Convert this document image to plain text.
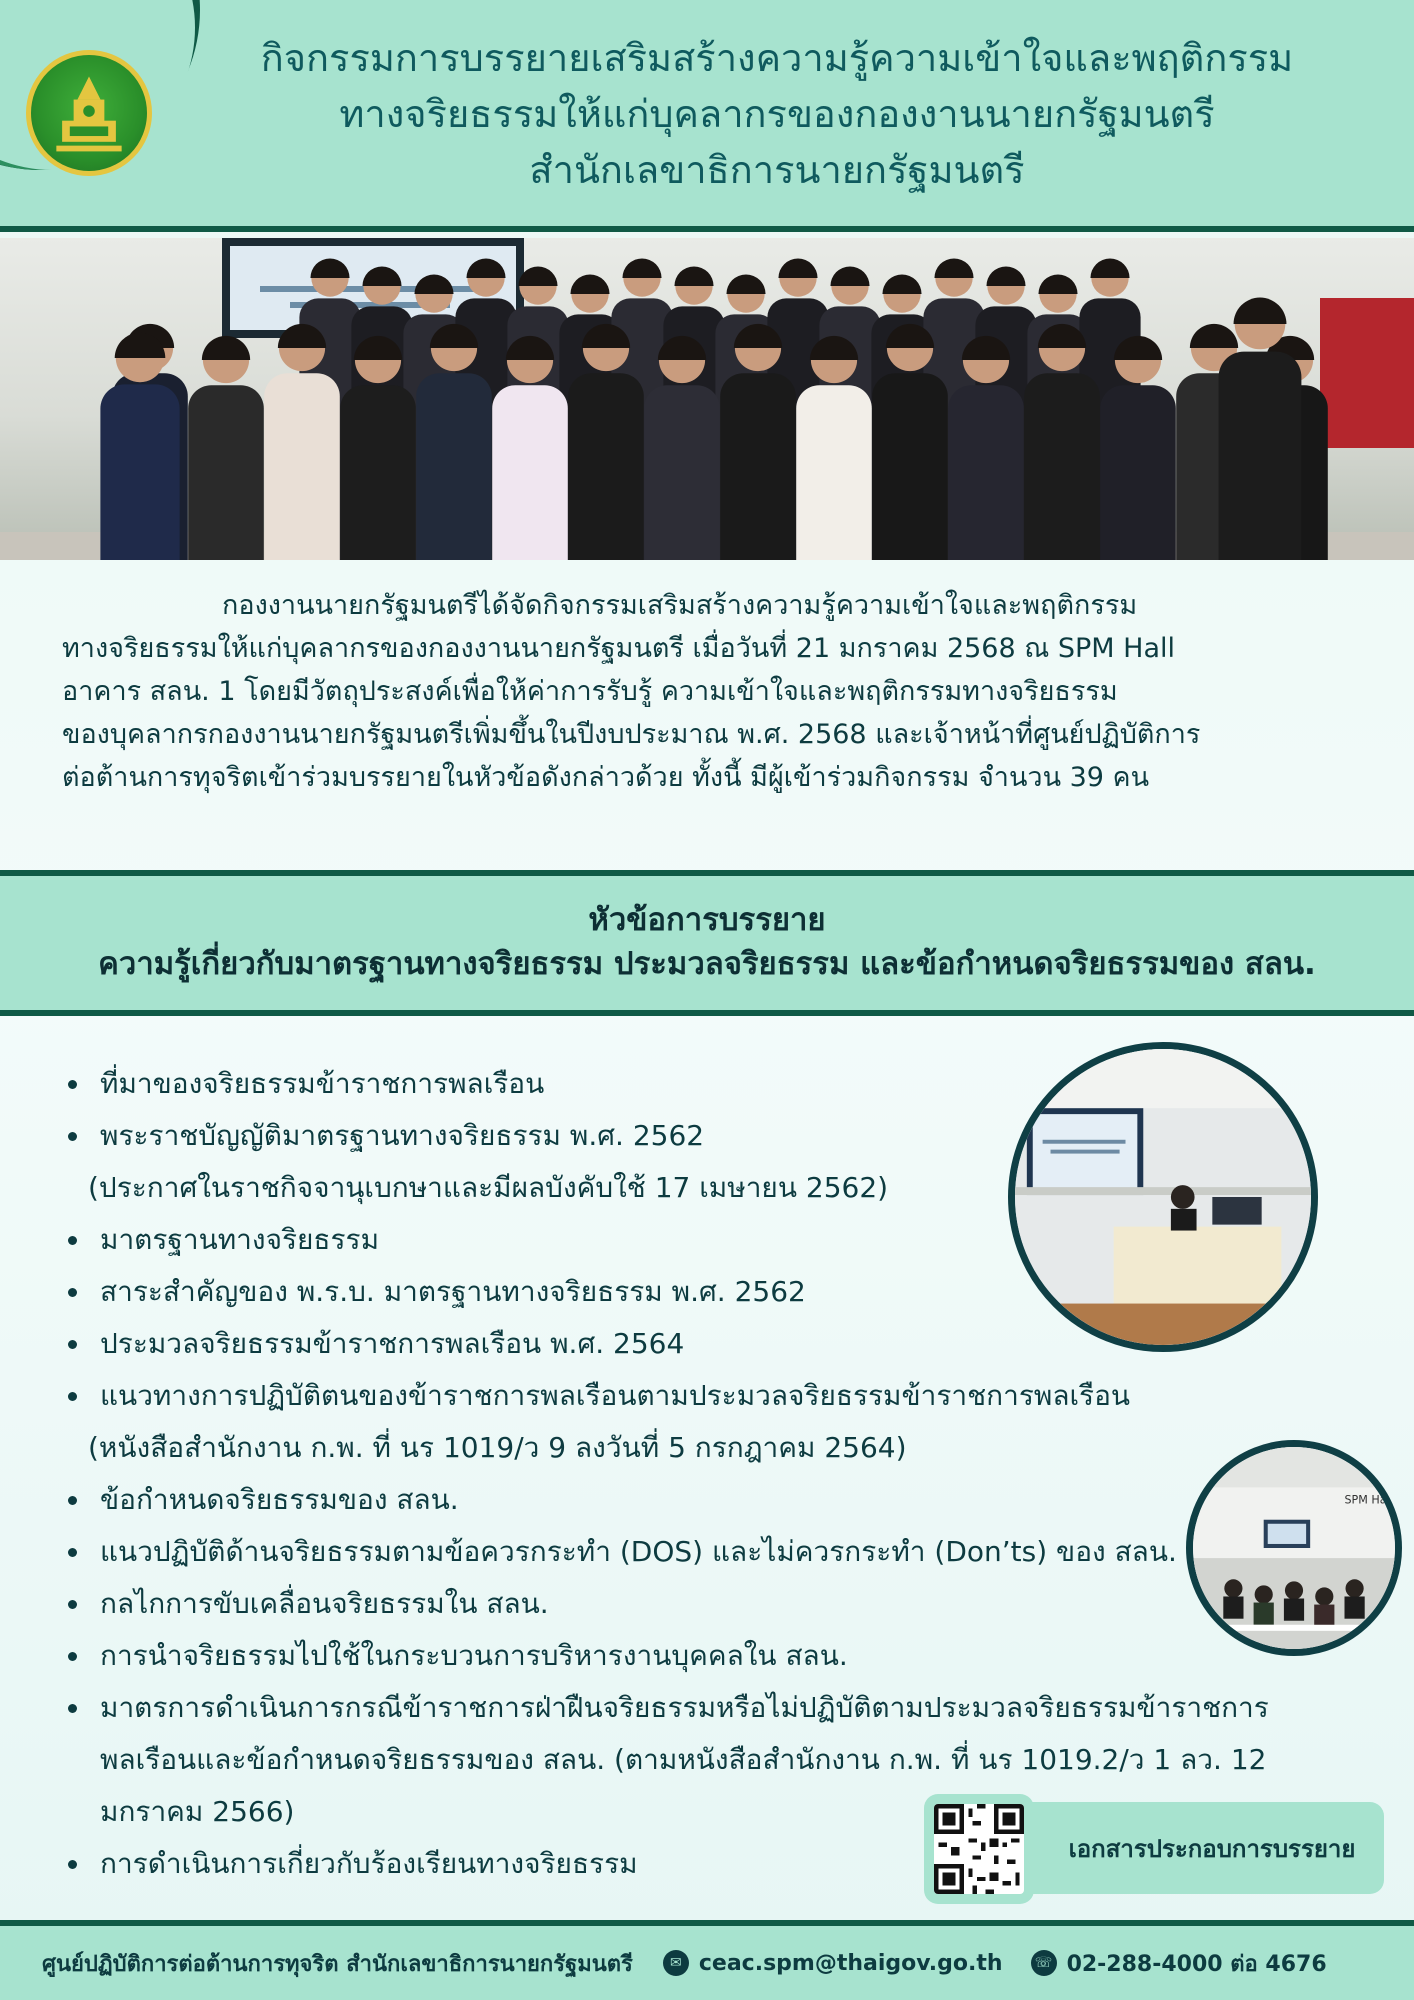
กิจกรรมการบรรยายเสริมสร้างความรู้ความเข้าใจและพฤติกรรม
ทางจริยธรรมให้แก่บุคลากรของกองงานนายกรัฐมนตรี
สำนักเลขาธิการนายกรัฐมนตรี
กองงานนายกรัฐมนตรีได้จัดกิจกรรมเสริมสร้างความรู้ความเข้าใจและพฤติกรรม
ทางจริยธรรมให้แก่บุคลากรของกองงานนายกรัฐมนตรี เมื่อวันที่ 21 มกราคม 2568 ณ SPM Hall
อาคาร สลน. 1 โดยมีวัตถุประสงค์เพื่อให้ค่าการรับรู้ ความเข้าใจและพฤติกรรมทางจริยธรรม
ของบุคลากรกองงานนายกรัฐมนตรีเพิ่มขึ้นในปีงบประมาณ พ.ศ. 2568 และเจ้าหน้าที่ศูนย์ปฏิบัติการ
ต่อต้านการทุจริตเข้าร่วมบรรยายในหัวข้อดังกล่าวด้วย ทั้งนี้ มีผู้เข้าร่วมกิจกรรม จำนวน 39 คน
หัวข้อการบรรยาย
ความรู้เกี่ยวกับมาตรฐานทางจริยธรรม ประมวลจริยธรรม และข้อกำหนดจริยธรรมของ สลน.
ที่มาของจริยธรรมข้าราชการพลเรือน
พระราชบัญญัติมาตรฐานทางจริยธรรม พ.ศ. 2562
(ประกาศในราชกิจจานุเบกษาและมีผลบังคับใช้ 17 เมษายน 2562)
มาตรฐานทางจริยธรรม
สาระสำคัญของ พ.ร.บ. มาตรฐานทางจริยธรรม พ.ศ. 2562
ประมวลจริยธรรมข้าราชการพลเรือน พ.ศ. 2564
แนวทางการปฏิบัติตนของข้าราชการพลเรือนตามประมวลจริยธรรมข้าราชการพลเรือน
(หนังสือสำนักงาน ก.พ. ที่ นร 1019/ว 9 ลงวันที่ 5 กรกฎาคม 2564)
ข้อกำหนดจริยธรรมของ สลน.
แนวปฏิบัติด้านจริยธรรมตามข้อควรกระทำ (DOS) และไม่ควรกระทำ (Don’ts) ของ สลน.
กลไกการขับเคลื่อนจริยธรรมใน สลน.
การนำจริยธรรมไปใช้ในกระบวนการบริหารงานบุคคลใน สลน.
มาตรการดำเนินการกรณีข้าราชการฝ่าฝืนจริยธรรมหรือไม่ปฏิบัติตามประมวลจริยธรรมข้าราชการพลเรือนและข้อกำหนดจริยธรรมของ สลน. (ตามหนังสือสำนักงาน ก.พ. ที่ นร 1019.2/ว 1 ลว. 12 มกราคม 2566)
การดำเนินการเกี่ยวกับร้องเรียนทางจริยธรรม
SPM Hall
เอกสารประกอบการบรรยาย
ศูนย์ปฏิบัติการต่อต้านการทุจริต สำนักเลขาธิการนายกรัฐมนตรี	✉ ceac.spm@thaigov.go.th	☏ 02-288-4000 ต่อ 4676
